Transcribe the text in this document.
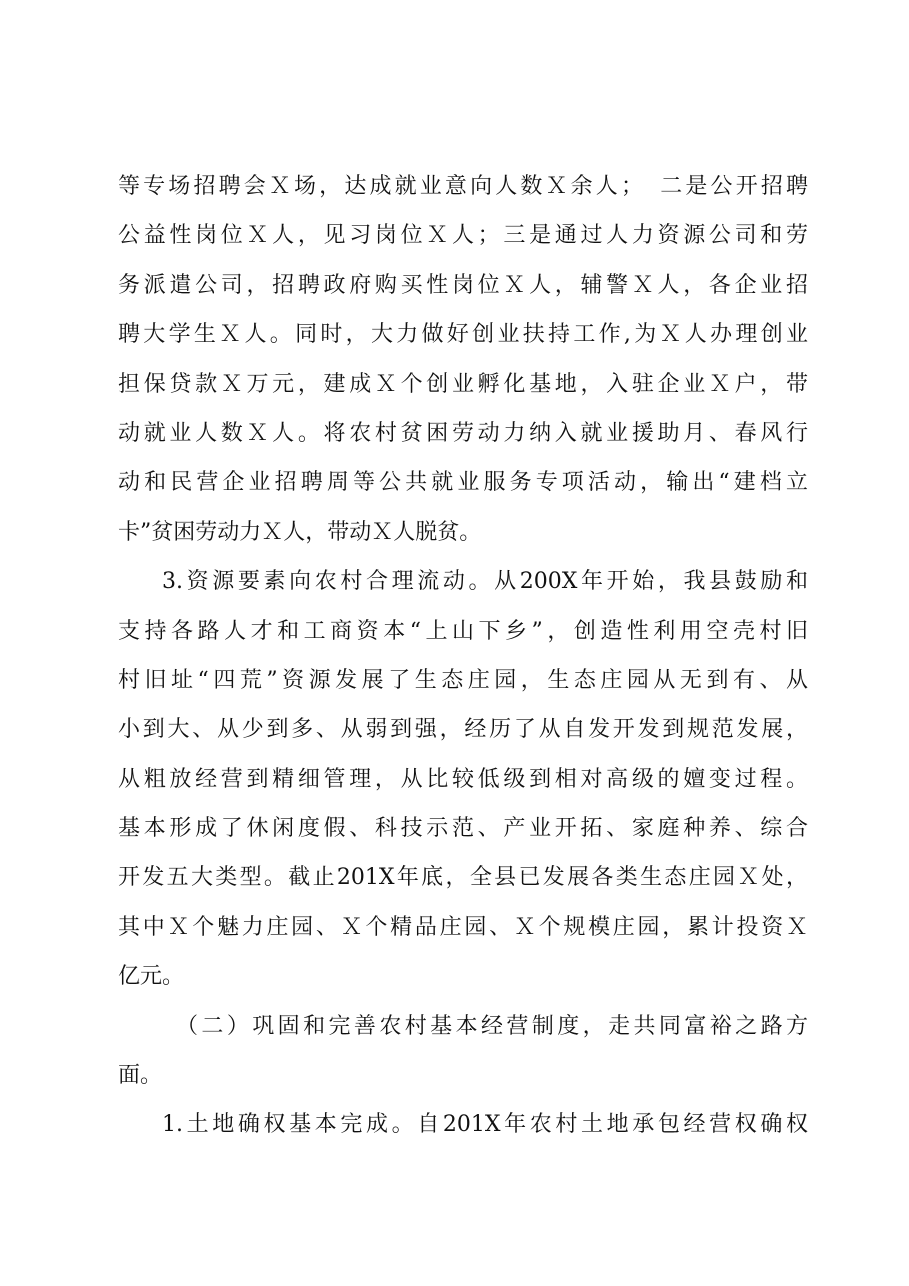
等专场招聘会Ｘ场，达成就业意向人数Ｘ余人；　二是公开招聘
公益性岗位Ｘ人，见习岗位Ｘ人；三是通过人力资源公司和劳
务派遣公司，招聘政府购买性岗位Ｘ人，辅警Ｘ人，各企业招
聘大学生Ｘ人。同时，大力做好创业扶持工作,为Ｘ人办理创业
担保贷款Ｘ万元，建成Ｘ个创业孵化基地，入驻企业Ｘ户，带
动就业人数Ｘ人。将农村贫困劳动力纳入就业援助月、春风行
动和民营企业招聘周等公共就业服务专项活动，输出“建档立
卡”贫困劳动力Ｘ人，带动Ｘ人脱贫。
3.资源要素向农村合理流动。从200X年开始，我县鼓励和
支持各路人才和工商资本“上山下乡”，创造性利用空壳村旧
村旧址“四荒”资源发展了生态庄园，生态庄园从无到有、从
小到大、从少到多、从弱到强，经历了从自发开发到规范发展，
从粗放经营到精细管理，从比较低级到相对高级的嬗变过程。
基本形成了休闲度假、科技示范、产业开拓、家庭种养、综合
开发五大类型。截止201X年底，全县已发展各类生态庄园Ｘ处，
其中Ｘ个魅力庄园、Ｘ个精品庄园、Ｘ个规模庄园，累计投资Ｘ
亿元。
（二）巩固和完善农村基本经营制度，走共同富裕之路方
面。
1.土地确权基本完成。自201X年农村土地承包经营权确权
